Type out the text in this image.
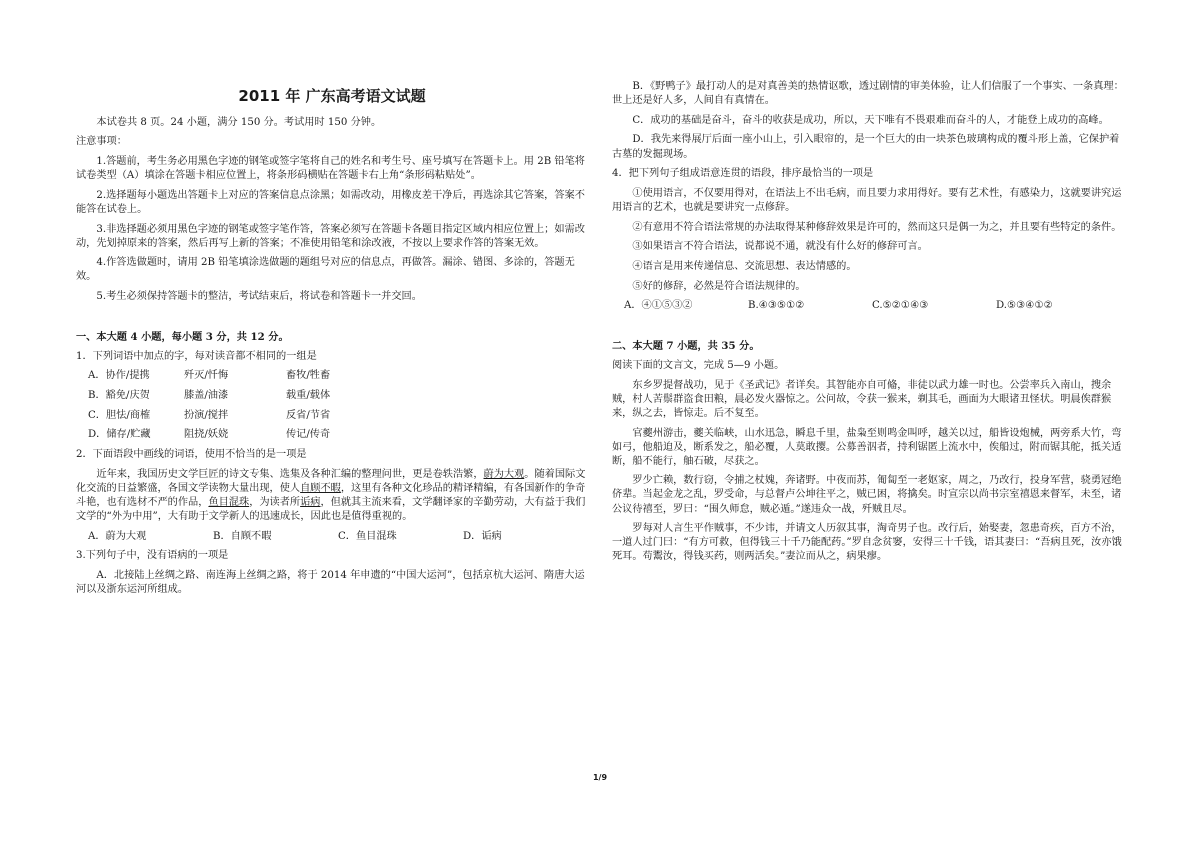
2011 年 广东高考语文试题

本试卷共 8 页。24 小题，满分 150 分。考试用时 150 分钟。

注意事项：

1.答题前，考生务必用黑色字迹的钢笔或签字笔将自己的姓名和考生号、座号填写在答题卡上。用 2B 铅笔将试卷类型（A）填涂在答题卡相应位置上，将条形码横贴在答题卡右上角“条形码粘贴处”。

2.选择题每小题选出答题卡上对应的答案信息点涂黑；如需改动，用橡皮差干净后，再选涂其它答案，答案不能答在试卷上。

3.非选择题必须用黑色字迹的钢笔或签字笔作答，答案必须写在答题卡各题目指定区域内相应位置上；如需改动，先划掉原来的答案，然后再写上新的答案；不准使用铅笔和涂改液，不按以上要求作答的答案无效。

4.作答选做题时，请用 2B 铅笔填涂选做题的题组号对应的信息点，再做答。漏涂、错图、多涂的，答题无效。

5.考生必须保持答题卡的整洁，考试结束后，将试卷和答题卡一并交回。

一、本大题 4 小题，每小题 3 分，共 12 分。

1．下列词语中加点的字，每对读音都不相同的一组是

A．协作/提携	歼灭/忏悔	畜牧/牲畜
B．豁免/庆贺	膝盖/油漆	载重/载体
C．胆怯/商榷	扮演/搅拌	反省/节省
D．储存/贮藏	阻挠/妖娆	传记/传奇

2．下面语段中画线的词语，使用不恰当的是一项是

近年来，我国历史文学巨匠的诗文专集、选集及各种汇编的整理问世，更是卷轶浩繁，蔚为大观。随着国际文化交流的日益繁盛，各国文学读物大量出现，使人自顾不暇，这里有各种文化珍品的精译精编，有各国新作的争奇斗艳，也有选材不严的作品，鱼目混珠，为读者所诟病，但就其主流来看，文学翻译家的辛勤劳动，大有益于我们文学的“外为中用”，大有助于文学新人的迅速成长，因此也是值得重视的。

A．蔚为大观	B．自顾不暇	C．鱼目混珠	D．诟病

3.下列句子中，没有语病的一项是

A．北接陆上丝绸之路、南连海上丝绸之路，将于 2014 年申遗的“中国大运河”，包括京杭大运河、隋唐大运河以及浙东运河所组成。

B．《野鸭子》最打动人的是对真善美的热情讴歌，透过剧情的审美体验，让人们信服了一个事实、一条真理：世上还是好人多，人间自有真情在。

C．成功的基础是奋斗，奋斗的收获是成功，所以，天下唯有不畏艰难而奋斗的人，才能登上成功的高峰。

D．我先来得展厅后面一座小山上，引入眼帘的，是一个巨大的由一块茶色玻璃构成的覆斗形上盖，它保护着古墓的发掘现场。

4．把下列句子组成语意连贯的语段，排序最恰当的一项是

①使用语言，不仅要用得对，在语法上不出毛病，而且要力求用得好。要有艺术性，有感染力，这就要讲究运用语言的艺术，也就是要讲究一点修辞。

②有意用不符合语法常规的办法取得某种修辞效果是许可的，然而这只是偶一为之，并且要有些特定的条件。

③如果语言不符合语法，说都说不通，就没有什么好的修辞可言。

④语言是用来传递信息、交流思想、表达情感的。

⑤好的修辞，必然是符合语法规律的。

A．④①⑤③②	B.④③⑤①②	C.⑤②①④③	D.⑤③④①②

二、本大题 7 小题，共 35 分。

阅读下面的文言文，完成 5—9 小题。

东乡罗提督战功，见于《圣武记》者详矣。其智能亦自可偹，非徒以武力雄一时也。公尝率兵入南山，搜余贼，村人苦鬃群盗食田粮，晨必发火器惊之。公问故，令获一猴来，剃其毛，画面为大眼诸丑怪状。明晨俟群猴来，纵之去，皆惊走。后不复至。

官夔州游击，夔关临峡，山水迅急，瞬息千里，盐枭至则鸣金叫呼，越关以过，船皆设炮械，两旁系大竹，弯如弓，他船迫及，断系发之，船必覆，人莫敢撄。公募善泅者，持利锯匿上流水中，俟船过，附而锯其舵，抵关适断，船不能行，舳石破，尽获之。

罗少亡赖，数行窃，令捕之杖媿，奔诸野。中夜而苏，匍匐至一老妪家，周之，乃改行，投身军营，骁勇冠绝侪辈。当起金龙之乱，罗受命，与总督卢公坤往平之，贼已困，将擒矣。时宣宗以尚书宗室禧恩来督军，未至，诸公议待禧至，罗曰：“围久师怠，贼必遁。”遂违众一战，歼贼且尽。

罗每对人言生平作贼事，不少讳，并请文人历叙其事，淘奇男子也。改行后，始娶妻，忽患奇疾，百方不治，一道人过门曰：“有方可救，但得钱三十千乃能配药。”罗自念贫窭，安得三十千钱，语其妻曰：“吾病且死，汝亦饿死耳。苟鬻汝，得钱买药，则两活矣。”妻泣而从之，病果瘳。

1/9
